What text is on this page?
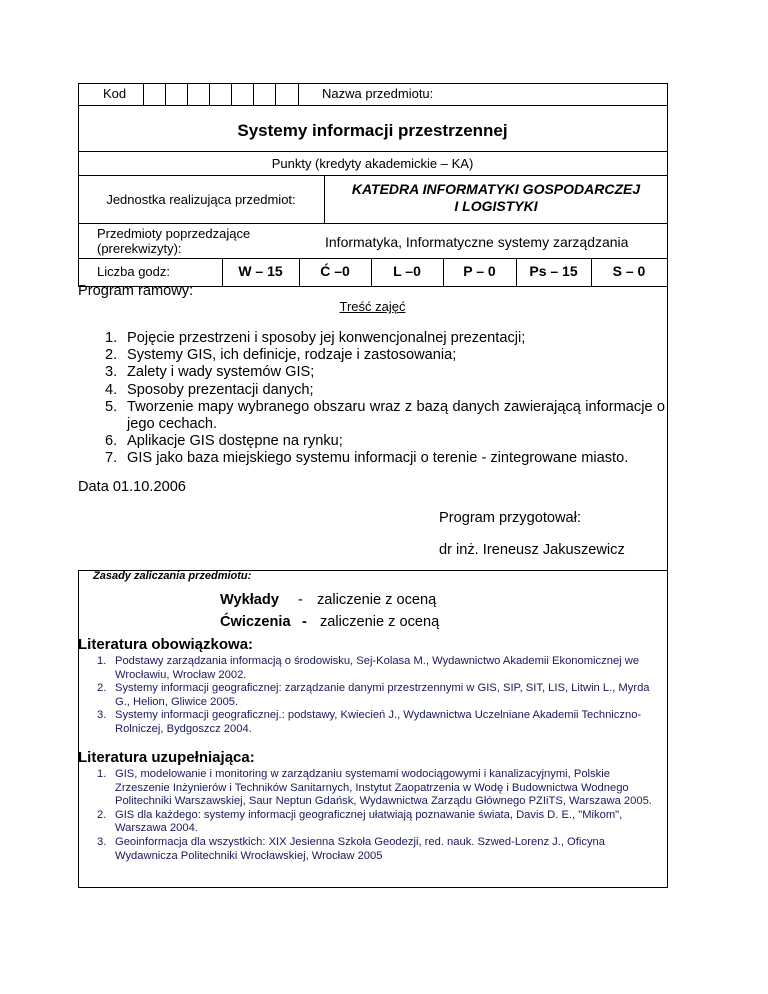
Kod	Nazwa przedmiotu:
Systemy informacji przestrzennej
Punkty (kredyty akademickie – KA)
Jednostka realizująca przedmiot:
KATEDRA INFORMATYKI GOSPODARCZEJ
I LOGISTYKI
Przedmioty poprzedzające
(prerekwizyty):	Informatyka, Informatyczne systemy zarządzania
Liczba godz:	W – 15	Ć –0	L –0	P – 0	Ps – 15	S – 0
Program ramowy:
Treść zajęć
1. Pojęcie przestrzeni i sposoby jej konwencjonalnej prezentacji;
2. Systemy GIS, ich definicje, rodzaje i zastosowania;
3. Zalety i wady systemów GIS;
4. Sposoby prezentacji danych;
5. Tworzenie mapy wybranego obszaru wraz z bazą danych zawierającą informacje o jego cechach.
6. Aplikacje GIS dostępne na rynku;
7. GIS jako baza miejskiego systemu informacji o terenie - zintegrowane miasto.
Data 01.10.2006
Program przygotował:
dr inż. Ireneusz Jakuszewicz
Zasady zaliczania przedmiotu:
Wykłady - zaliczenie z oceną
Ćwiczenia - zaliczenie z oceną
Literatura obowiązkowa:
1. Podstawy zarządzania informacją o środowisku, Sej-Kolasa M., Wydawnictwo Akademii Ekonomicznej we Wrocławiu, Wrocław 2002.
2. Systemy informacji geograficznej: zarządzanie danymi przestrzennymi w GIS, SIP, SIT, LIS, Litwin L., Myrda G., Helion, Gliwice 2005.
3. Systemy informacji geograficznej.: podstawy, Kwiecień J., Wydawnictwa Uczelniane Akademii Techniczno-Rolniczej, Bydgoszcz 2004.
Literatura uzupełniająca:
1. GIS, modelowanie i monitoring w zarządzaniu systemami wodociągowymi i kanalizacyjnymi, Polskie Zrzeszenie Inżynierów i Techników Sanitarnych, Instytut Zaopatrzenia w Wodę i Budownictwa Wodnego Politechniki Warszawskiej, Saur Neptun Gdańsk, Wydawnictwa Zarządu Głównego PZIiTS, Warszawa 2005.
2. GIS dla każdego: systemy informacji geograficznej ułatwiają poznawanie świata, Davis D. E., "Mikom", Warszawa 2004.
3. Geoinformacja dla wszystkich: XIX Jesienna Szkoła Geodezji, red. nauk. Szwed-Lorenz J., Oficyna Wydawnicza Politechniki Wrocławskiej, Wrocław 2005
